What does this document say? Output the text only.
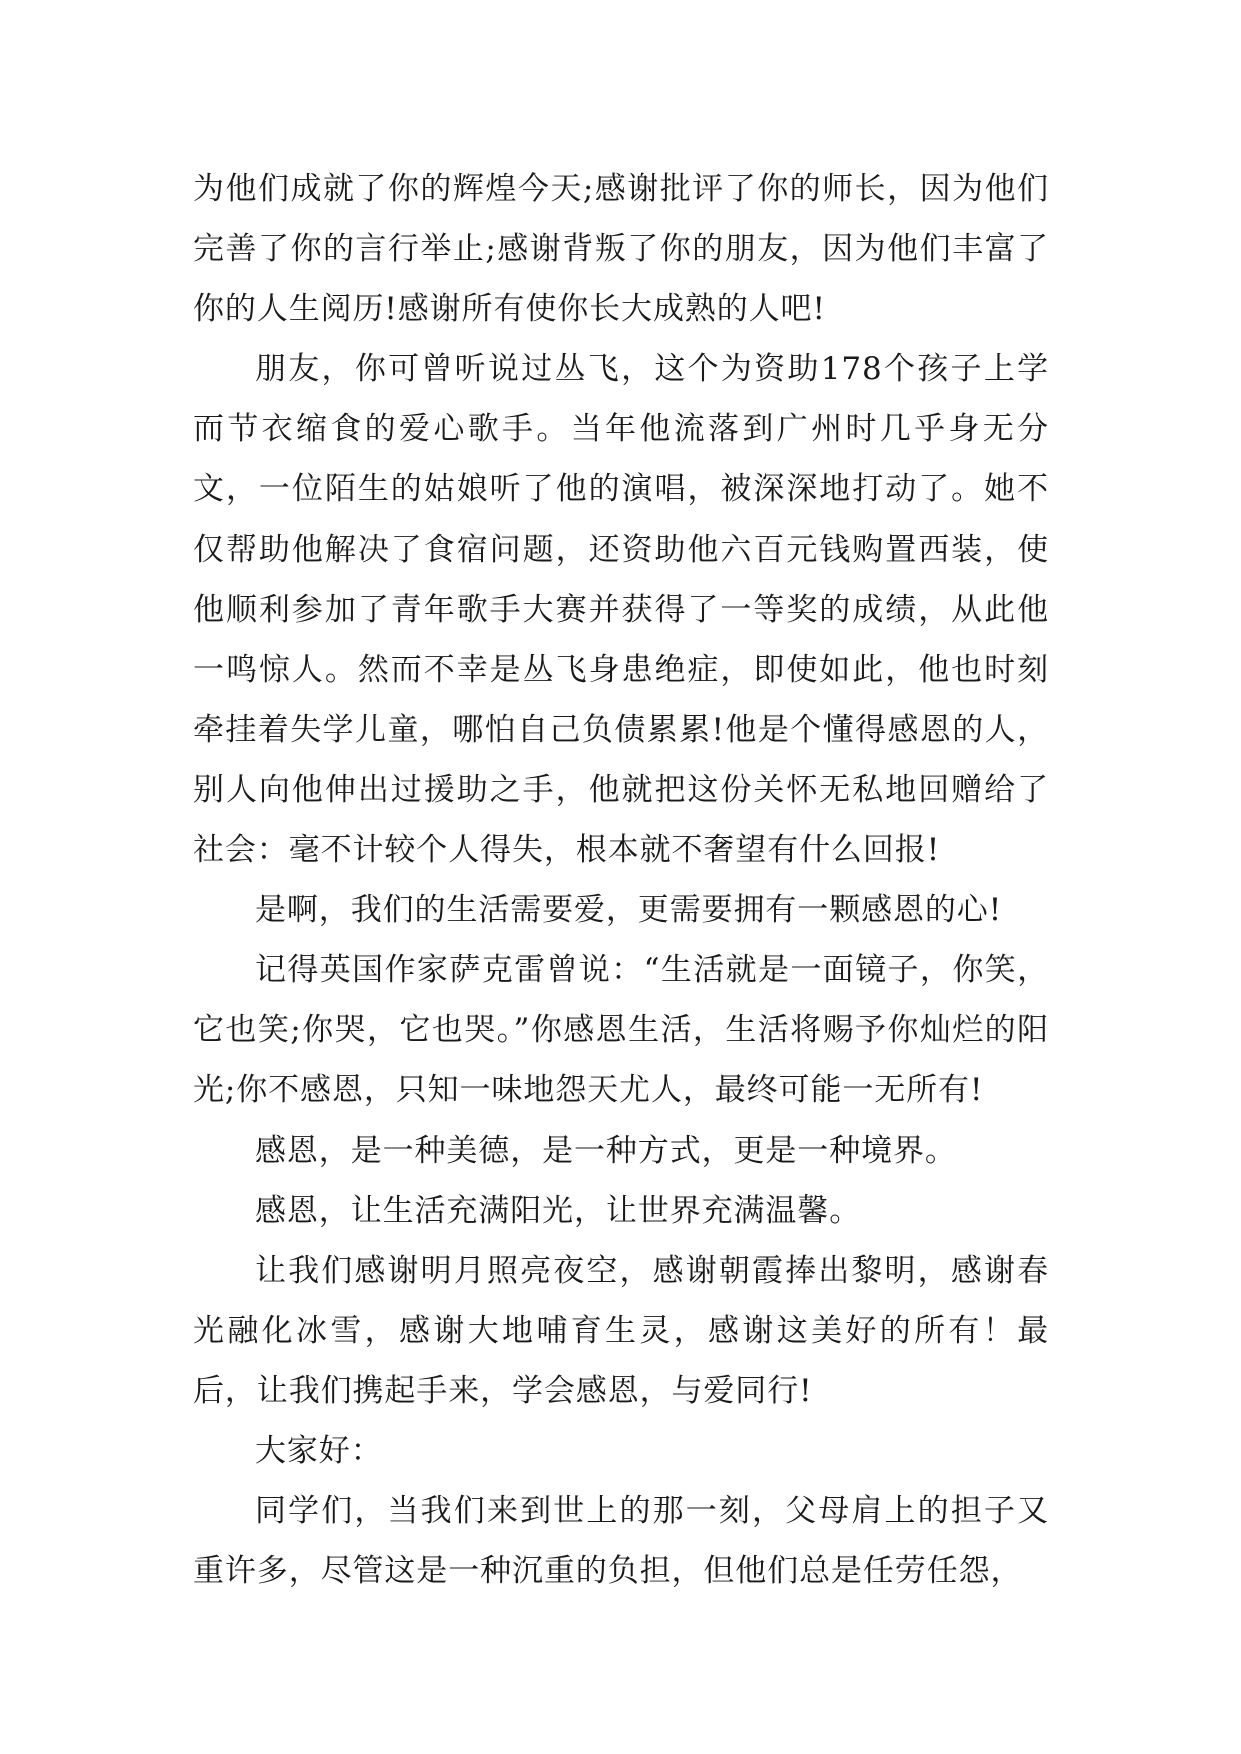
为他们成就了你的辉煌今天;感谢批评了你的师长，因为他们完善了你的言行举止;感谢背叛了你的朋友，因为他们丰富了你的人生阅历!感谢所有使你长大成熟的人吧!

朋友，你可曾听说过丛飞，这个为资助178个孩子上学而节衣缩食的爱心歌手。当年他流落到广州时几乎身无分文，一位陌生的姑娘听了他的演唱，被深深地打动了。她不仅帮助他解决了食宿问题，还资助他六百元钱购置西装，使他顺利参加了青年歌手大赛并获得了一等奖的成绩，从此他一鸣惊人。然而不幸是丛飞身患绝症，即使如此，他也时刻牵挂着失学儿童，哪怕自己负债累累!他是个懂得感恩的人，别人向他伸出过援助之手，他就把这份关怀无私地回赠给了社会：毫不计较个人得失，根本就不奢望有什么回报!

是啊，我们的生活需要爱，更需要拥有一颗感恩的心!

记得英国作家萨克雷曾说：“生活就是一面镜子，你笑，它也笑;你哭，它也哭。”你感恩生活，生活将赐予你灿烂的阳光;你不感恩，只知一味地怨天尤人，最终可能一无所有!

感恩，是一种美德，是一种方式，更是一种境界。

感恩，让生活充满阳光，让世界充满温馨。

让我们感谢明月照亮夜空，感谢朝霞捧出黎明，感谢春光融化冰雪，感谢大地哺育生灵，感谢这美好的所有！最后，让我们携起手来，学会感恩，与爱同行!

大家好：

同学们，当我们来到世上的那一刻，父母肩上的担子又重许多，尽管这是一种沉重的负担，但他们总是任劳任怨，
